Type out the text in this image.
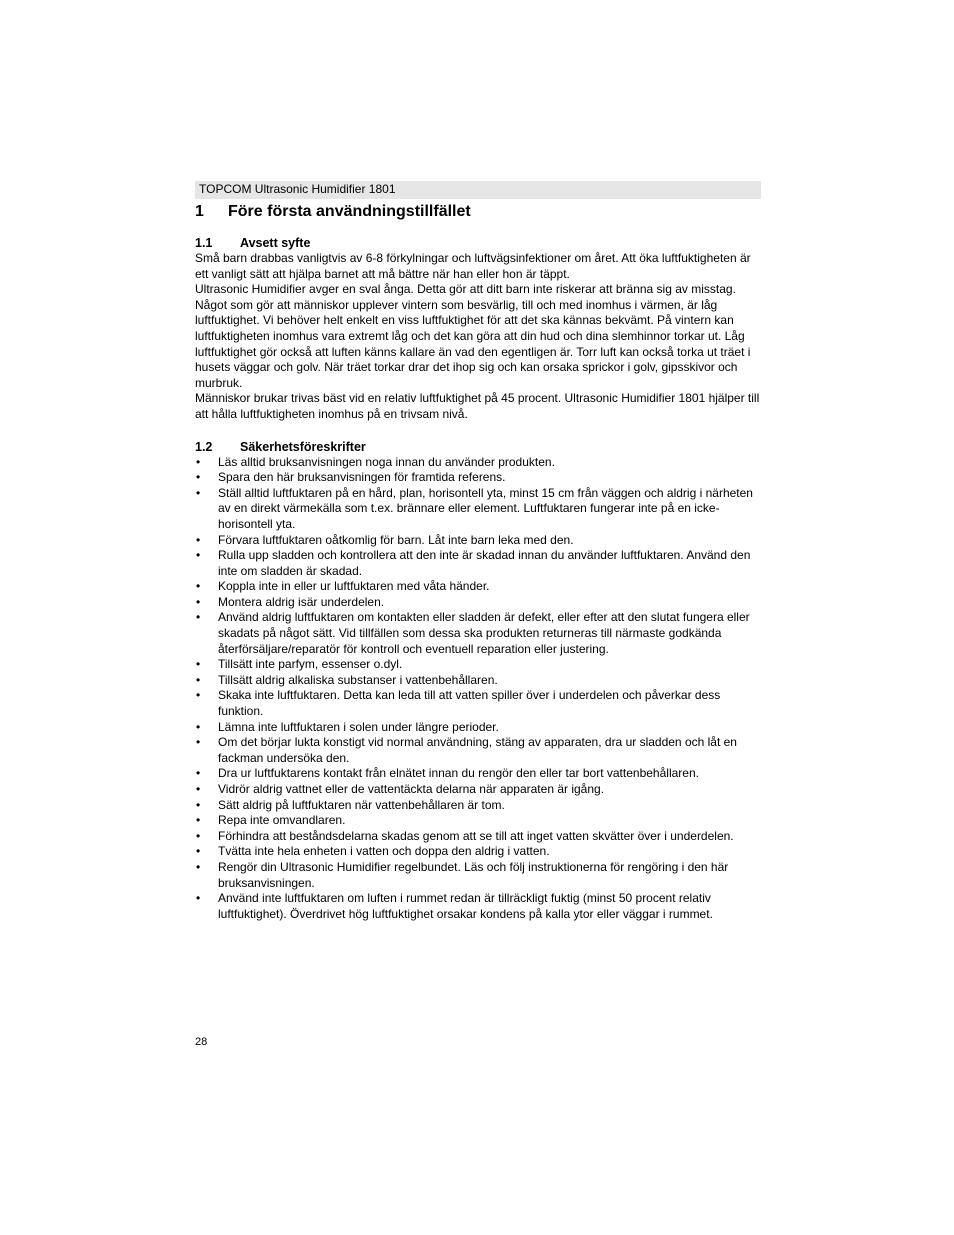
TOPCOM Ultrasonic Humidifier 1801
1 Före första användningstillfället
1.1 Avsett syfte

Små barn drabbas vanligtvis av 6-8 förkylningar och luftvägsinfektioner om året. Att öka luftfuktigheten är ett vanligt sätt att hjälpa barnet att må bättre när han eller hon är täppt.

Ultrasonic Humidifier avger en sval ånga. Detta gör att ditt barn inte riskerar att bränna sig av misstag. Något som gör att människor upplever vintern som besvärlig, till och med inomhus i värmen, är låg luftfuktighet. Vi behöver helt enkelt en viss luftfuktighet för att det ska kännas bekvämt. På vintern kan luftfuktigheten inomhus vara extremt låg och det kan göra att din hud och dina slemhinnor torkar ut. Låg luftfuktighet gör också att luften känns kallare än vad den egentligen är. Torr luft kan också torka ut träet i husets väggar och golv. När träet torkar drar det ihop sig och kan orsaka sprickor i golv, gipsskivor och murbruk.

Människor brukar trivas bäst vid en relativ luftfuktighet på 45 procent. Ultrasonic Humidifier 1801 hjälper till att hålla luftfuktigheten inomhus på en trivsam nivå.

1.2 Säkerhetsföreskrifter
• Läs alltid bruksanvisningen noga innan du använder produkten.
• Spara den här bruksanvisningen för framtida referens.
• Ställ alltid luftfuktaren på en hård, plan, horisontell yta, minst 15 cm från väggen och aldrig i närheten av en direkt värmekälla som t.ex. brännare eller element. Luftfuktaren fungerar inte på en icke-horisontell yta.
• Förvara luftfuktaren oåtkomlig för barn. Låt inte barn leka med den.
• Rulla upp sladden och kontrollera att den inte är skadad innan du använder luftfuktaren. Använd den inte om sladden är skadad.
• Koppla inte in eller ur luftfuktaren med våta händer.
• Montera aldrig isär underdelen.
• Använd aldrig luftfuktaren om kontakten eller sladden är defekt, eller efter att den slutat fungera eller skadats på något sätt. Vid tillfällen som dessa ska produkten returneras till närmaste godkända återförsäljare/reparatör för kontroll och eventuell reparation eller justering.
• Tillsätt inte parfym, essenser o.dyl.
• Tillsätt aldrig alkaliska substanser i vattenbehållaren.
• Skaka inte luftfuktaren. Detta kan leda till att vatten spiller över i underdelen och påverkar dess funktion.
• Lämna inte luftfuktaren i solen under längre perioder.
• Om det börjar lukta konstigt vid normal användning, stäng av apparaten, dra ur sladden och låt en fackman undersöka den.
• Dra ur luftfuktarens kontakt från elnätet innan du rengör den eller tar bort vattenbehållaren.
• Vidrör aldrig vattnet eller de vattentäckta delarna när apparaten är igång.
• Sätt aldrig på luftfuktaren när vattenbehållaren är tom.
• Repa inte omvandlaren.
• Förhindra att beståndsdelarna skadas genom att se till att inget vatten skvätter över i underdelen.
• Tvätta inte hela enheten i vatten och doppa den aldrig i vatten.
• Rengör din Ultrasonic Humidifier regelbundet. Läs och följ instruktionerna för rengöring i den här bruksanvisningen.
• Använd inte luftfuktaren om luften i rummet redan är tillräckligt fuktig (minst 50 procent relativ luftfuktighet). Överdrivet hög luftfuktighet orsakar kondens på kalla ytor eller väggar i rummet.
28
